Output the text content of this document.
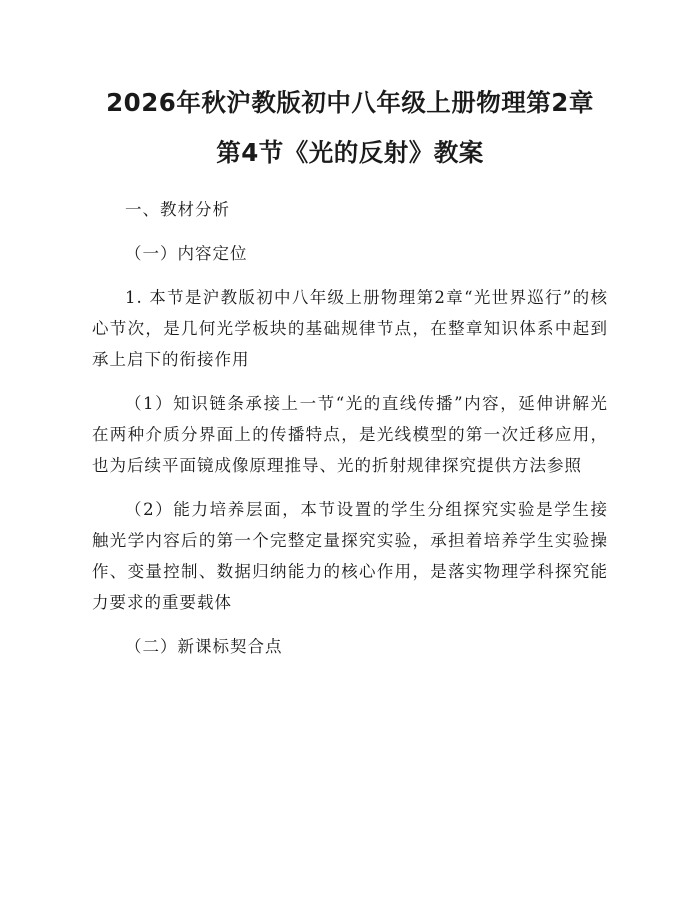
2026年秋沪教版初中八年级上册物理第2章
第4节《光的反射》教案

一、教材分析

（一）内容定位

1. 本节是沪教版初中八年级上册物理第2章“光世界巡行”的核心节次，是几何光学板块的基础规律节点，在整章知识体系中起到承上启下的衔接作用

（1）知识链条承接上一节“光的直线传播”内容，延伸讲解光在两种介质分界面上的传播特点，是光线模型的第一次迁移应用，也为后续平面镜成像原理推导、光的折射规律探究提供方法参照

（2）能力培养层面，本节设置的学生分组探究实验是学生接触光学内容后的第一个完整定量探究实验，承担着培养学生实验操作、变量控制、数据归纳能力的核心作用，是落实物理学科探究能力要求的重要载体

（二）新课标契合点
